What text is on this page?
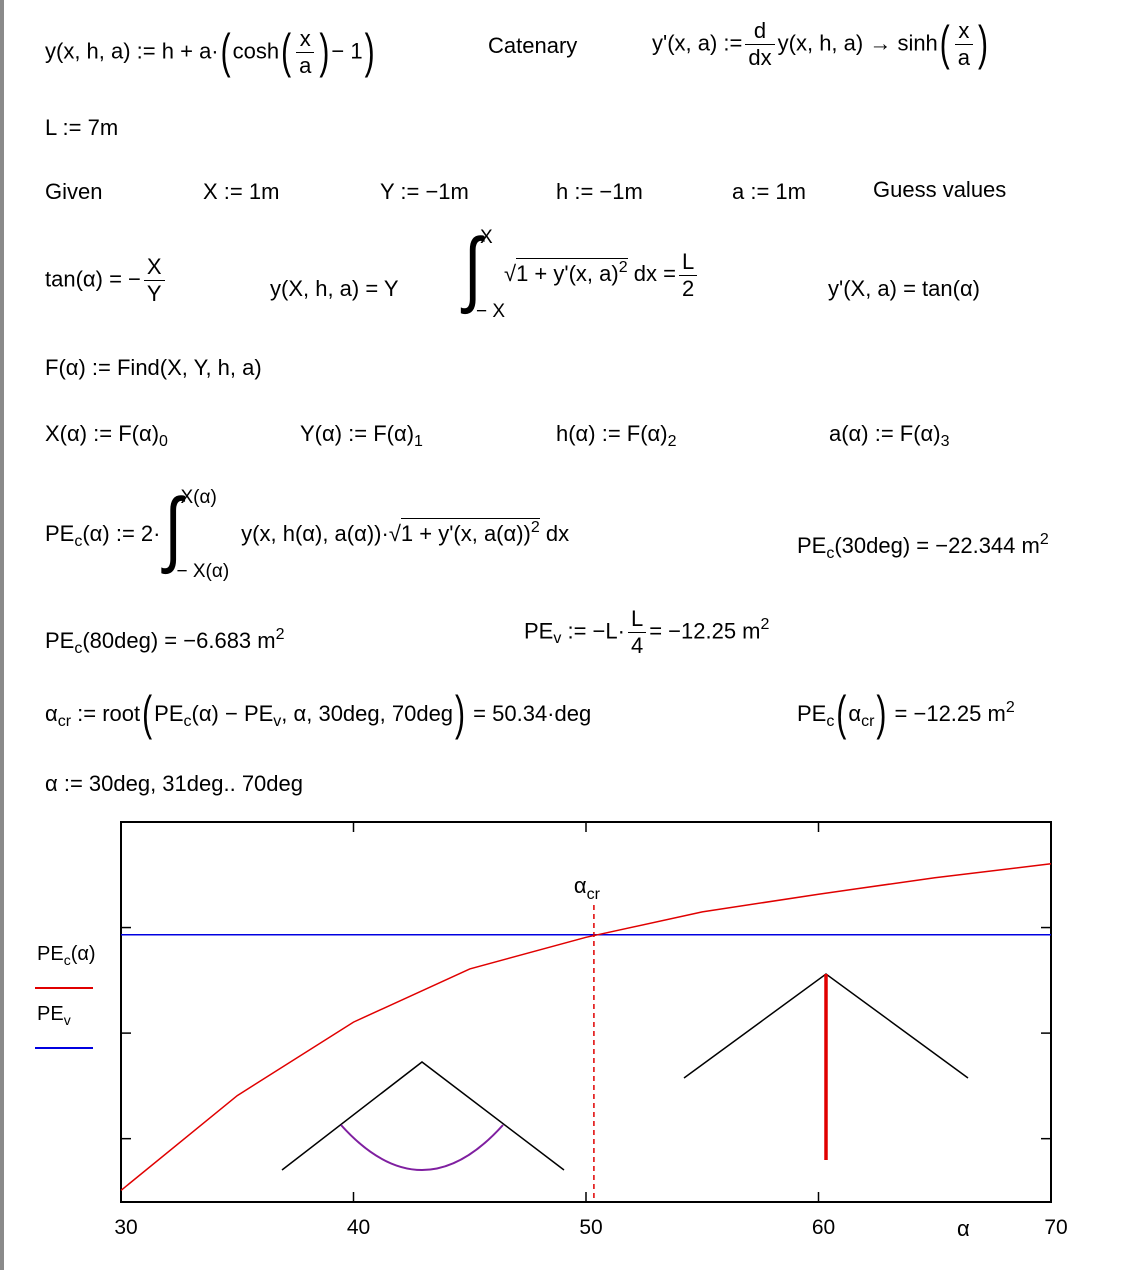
y(x, h, a) := $h + a\cdot(\cosh( \frac{x}{a}$ )− 1)	Catenary	y'(x, a) := $\frac{d}{dx} y(x$, h, $a) \to \sinh( \frac{x}{a}$ )
L := 7m
Given	X := 1m	Y := −1m	h := −1m	a := 1m	Guess values
tan(α) = − $\frac{X}{Y}$	y(X, h, a) = Y ∫
X
− X
√1 + y'(x, a)$^2$ dx = $\frac{L}{2}$	y'(X, a) = tan(α)
F(α) := Find(X, Y, h, a)
X(α) := $F(\alpha)_0$	Y(α) := $F(\alpha)_1$	h(α) := $F(\alpha)_2$	a(α) := $F(\alpha)_3$
$PE_c(\alpha)$ := 2· ∫
X(α)
− X(α)
y(x, h(α), a(α))·√1 + y'(x, a(α))$^2$ dx	$PE_c(30deg) = -22.344$ $m^2$
$PE_c(80deg) = -6.683$ $m^2$	$PE_v$ := $-L\cdot \frac{L}{4} = -12.25$ $m^2$
$\alpha_{cr}$ := $root(PE_c(\alpha) - PE_v$, α, 30deg, 70deg) = 50.34·deg	$PE_c(\alpha_{cr}) = -12.25$ $m^2$
α := 30deg, 31deg.. 70deg
30	40	50	60	70
$\alpha_{cr}$
α
$PE_c(\alpha)$
$PE_v$
